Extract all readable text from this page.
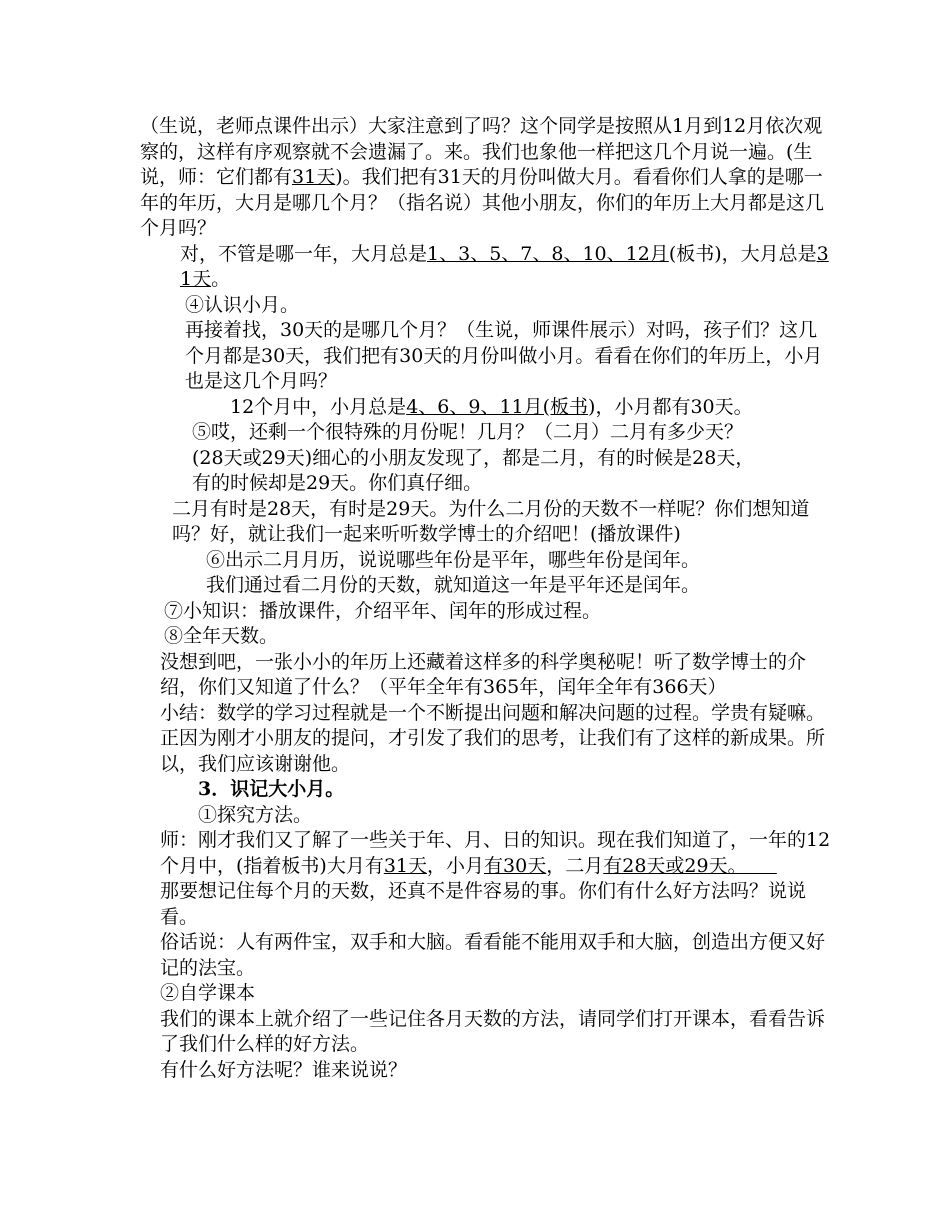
（生说，老师点课件出示）大家注意到了吗？这个同学是按照从1月到12月依次观察的，这样有序观察就不会遗漏了。来。我们也象他一样把这几个月说一遍。(生说，师：它们都有31天)。我们把有31天的月份叫做大月。看看你们人拿的是哪一年的年历，大月是哪几个月？（指名说）其他小朋友，你们的年历上大月都是这几个月吗？

对，不管是哪一年，大月总是1、3、5、7、8、10、12月(板书)，大月总是31天。

④认识小月。

再接着找，30天的是哪几个月？（生说，师课件展示）对吗，孩子们？这几个月都是30天，我们把有30天的月份叫做小月。看看在你们的年历上，小月也是这几个月吗？

12个月中，小月总是4、6、9、11月(板书)，小月都有30天。

⑤哎，还剩一个很特殊的月份呢！几月？（二月）二月有多少天？

(28天或29天)细心的小朋友发现了，都是二月，有的时候是28天，

有的时候却是29天。你们真仔细。

二月有时是28天，有时是29天。为什么二月份的天数不一样呢？你们想知道吗？好，就让我们一起来听听数学博士的介绍吧！(播放课件)

⑥出示二月月历，说说哪些年份是平年，哪些年份是闰年。

我们通过看二月份的天数，就知道这一年是平年还是闰年。

⑦小知识：播放课件，介绍平年、闰年的形成过程。

⑧全年天数。

没想到吧，一张小小的年历上还藏着这样多的科学奥秘呢！听了数学博士的介绍，你们又知道了什么？（平年全年有365年，闰年全年有366天）

小结：数学的学习过程就是一个不断提出问题和解决问题的过程。学贵有疑嘛。正因为刚才小朋友的提问，才引发了我们的思考，让我们有了这样的新成果。所以，我们应该谢谢他。

3．识记大小月。

①探究方法。

师：刚才我们又了解了一些关于年、月、日的知识。现在我们知道了，一年的12个月中，(指着板书)大月有31天，小月有30天，二月有28天或29天。

那要想记住每个月的天数，还真不是件容易的事。你们有什么好方法吗？说说看。

俗话说：人有两件宝，双手和大脑。看看能不能用双手和大脑，创造出方便又好记的法宝。

②自学课本

我们的课本上就介绍了一些记住各月天数的方法，请同学们打开课本，看看告诉了我们什么样的好方法。

有什么好方法呢？谁来说说？
